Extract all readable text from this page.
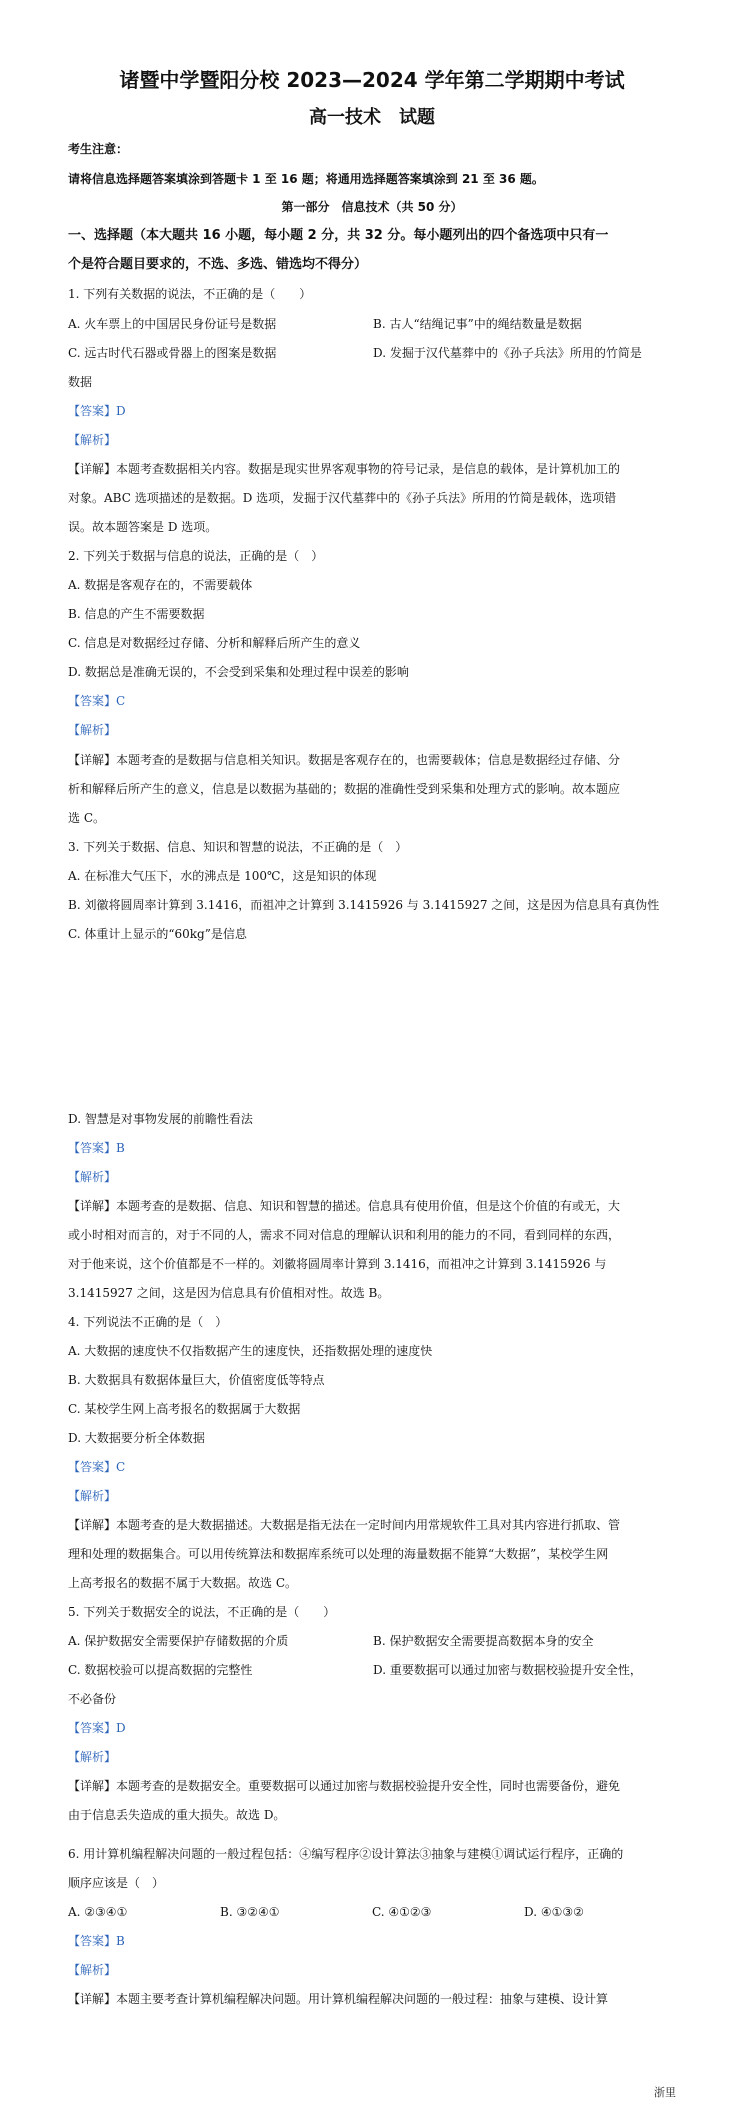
诸暨中学暨阳分校 2023—2024 学年第二学期期中考试
高一技术　试题
考生注意：
请将信息选择题答案填涂到答题卡 1 至 16 题；将通用选择题答案填涂到 21 至 36 题。
第一部分　信息技术（共 50 分）
一、选择题（本大题共 16 小题，每小题 2 分，共 32 分。每小题列出的四个备选项中只有一
个是符合题目要求的，不选、多选、错选均不得分）
1. 下列有关数据的说法，不正确的是（　　）
A. 火车票上的中国居民身份证号是数据	B. 古人“结绳记事”中的绳结数量是数据
C. 远古时代石器或骨器上的图案是数据	D. 发掘于汉代墓葬中的《孙子兵法》所用的竹简是
数据
【答案】D
【解析】
【详解】本题考查数据相关内容。数据是现实世界客观事物的符号记录，是信息的载体，是计算机加工的
对象。ABC 选项描述的是数据。D 选项，发掘于汉代墓葬中的《孙子兵法》所用的竹简是载体，选项错
误。故本题答案是 D 选项。
2. 下列关于数据与信息的说法，正确的是（　）
A. 数据是客观存在的，不需要载体
B. 信息的产生不需要数据
C. 信息是对数据经过存储、分析和解释后所产生的意义
D. 数据总是准确无误的，不会受到采集和处理过程中误差的影响
【答案】C
【解析】
【详解】本题考查的是数据与信息相关知识。数据是客观存在的，也需要载体；信息是数据经过存储、分
析和解释后所产生的意义，信息是以数据为基础的；数据的准确性受到采集和处理方式的影响。故本题应
选 C。
3. 下列关于数据、信息、知识和智慧的说法，不正确的是（　）
A. 在标准大气压下，水的沸点是 100℃，这是知识的体现
B. 刘徽将圆周率计算到 3.1416，而祖冲之计算到 3.1415926 与 3.1415927 之间，这是因为信息具有真伪性
C. 体重计上显示的“60kg”是信息
D. 智慧是对事物发展的前瞻性看法
【答案】B
【解析】
【详解】本题考查的是数据、信息、知识和智慧的描述。信息具有使用价值，但是这个价值的有或无，大
或小时相对而言的，对于不同的人，需求不同对信息的理解认识和利用的能力的不同，看到同样的东西，
对于他来说，这个价值都是不一样的。刘徽将圆周率计算到 3.1416，而祖冲之计算到 3.1415926 与
3.1415927 之间，这是因为信息具有价值相对性。故选 B。
4. 下列说法不正确的是（　）
A. 大数据的速度快不仅指数据产生的速度快，还指数据处理的速度快
B. 大数据具有数据体量巨大，价值密度低等特点
C. 某校学生网上高考报名的数据属于大数据
D. 大数据要分析全体数据
【答案】C
【解析】
【详解】本题考查的是大数据描述。大数据是指无法在一定时间内用常规软件工具对其内容进行抓取、管
理和处理的数据集合。可以用传统算法和数据库系统可以处理的海量数据不能算“大数据”，某校学生网
上高考报名的数据不属于大数据。故选 C。
5. 下列关于数据安全的说法，不正确的是（　　）
A. 保护数据安全需要保护存储数据的介质	B. 保护数据安全需要提高数据本身的安全
C. 数据校验可以提高数据的完整性	D. 重要数据可以通过加密与数据校验提升安全性，
不必备份
【答案】D
【解析】
【详解】本题考查的是数据安全。重要数据可以通过加密与数据校验提升安全性，同时也需要备份，避免
由于信息丢失造成的重大损失。故选 D。
6. 用计算机编程解决问题的一般过程包括：④编写程序②设计算法③抽象与建模①调试运行程序，正确的
顺序应该是（　）
A. ②③④①	B. ③②④①	C. ④①②③	D. ④①③②
【答案】B
【解析】
【详解】本题主要考查计算机编程解决问题。用计算机编程解决问题的一般过程：抽象与建模、设计算
浙里
